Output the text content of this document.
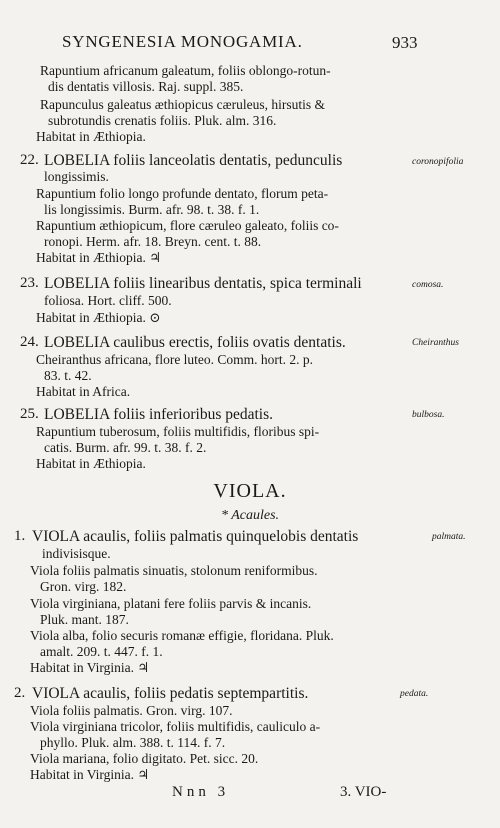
SYNGENESIA MONOGAMIA.	933
Rapuntium africanum galeatum, foliis oblongo-rotun-
dis dentatis villosis. Raj. suppl. 385.
Rapunculus galeatus æthiopicus cæruleus, hirsutis &
subrotundis crenatis foliis. Pluk. alm. 316.
Habitat in Æthiopia.
22. LOBELIA foliis lanceolatis dentatis, pedunculis	coronopifolia
longissimis.
Rapuntium folio longo profunde dentato, florum peta-
lis longissimis. Burm. afr. 98. t. 38. f. 1.
Rapuntium æthiopicum, flore cæruleo galeato, foliis co-
ronopi. Herm. afr. 18. Breyn. cent. t. 88.
Habitat in Æthiopia. ♃
23. LOBELIA foliis linearibus dentatis, spica terminali	comosa.
foliosa. Hort. cliff. 500.
Habitat in Æthiopia. ⊙
24. LOBELIA caulibus erectis, foliis ovatis dentatis.	Cheiranthus
Cheiranthus africana, flore luteo. Comm. hort. 2. p.
83. t. 42.
Habitat in Africa.
25. LOBELIA foliis inferioribus pedatis.	bulbosa.
Rapuntium tuberosum, foliis multifidis, floribus spi-
catis. Burm. afr. 99. t. 38. f. 2.
Habitat in Æthiopia.
VIOLA.
* Acaules.
1. VIOLA acaulis, foliis palmatis quinquelobis dentatis	palmata.
indivisisque.
Viola foliis palmatis sinuatis, stolonum reniformibus.
Gron. virg. 182.
Viola virginiana, platani fere foliis parvis & incanis.
Pluk. mant. 187.
Viola alba, folio securis romanæ effigie, floridana. Pluk.
amalt. 209. t. 447. f. 1.
Habitat in Virginia. ♃
2. VIOLA acaulis, foliis pedatis septempartitis.	pedata.
Viola foliis palmatis. Gron. virg. 107.
Viola virginiana tricolor, foliis multifidis, cauliculo a-
phyllo. Pluk. alm. 388. t. 114. f. 7.
Viola mariana, folio digitato. Pet. sicc. 20.
Habitat in Virginia. ♃
Nnn 3	3. VIO-
